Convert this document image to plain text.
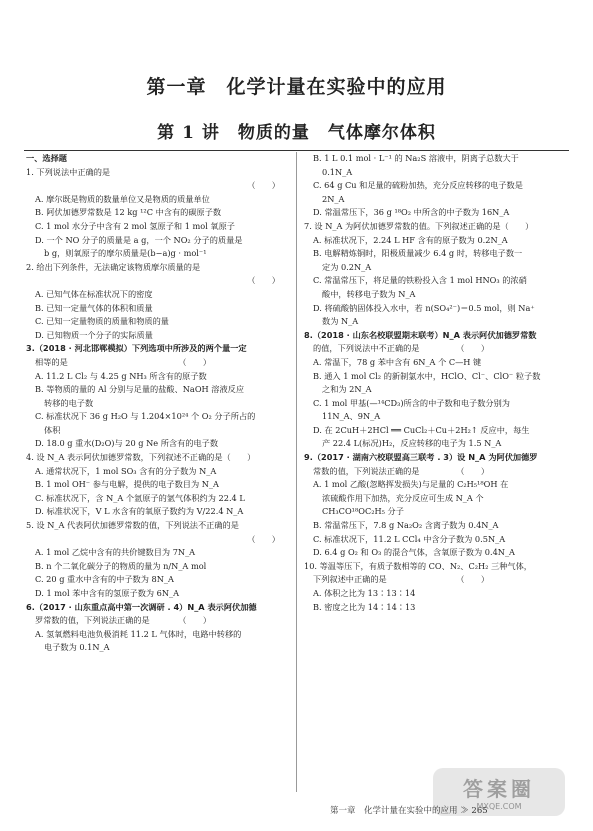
第一章　化学计量在实验中的应用
第 1 讲　物质的量　气体摩尔体积

一、选择题

1. 下列说法中正确的是

（　　）

A. 摩尔既是物质的数量单位又是物质的质量单位

B. 阿伏加德罗常数是 12 kg ¹²C 中含有的碳原子数

C. 1 mol 水分子中含有 2 mol 氢原子和 1 mol 氧原子

D. 一个 NO 分子的质量是 a g，一个 NO₂ 分子的质量是

b g，则氧原子的摩尔质量是(b−a)g · mol⁻¹

2. 给出下列条件，无法确定该物质摩尔质量的是

（　　）

A. 已知气体在标准状况下的密度

B. 已知一定量气体的体积和质量

C. 已知一定量物质的质量和物质的量

D. 已知物质一个分子的实际质量

3.（2018 · 河北邯郸模拟）下列选项中所涉及的两个量一定

相等的是　　　　　　　　　　　　　　（　　）

A. 11.2 L Cl₂ 与 4.25 g NH₃ 所含有的原子数

B. 等物质的量的 Al 分别与足量的盐酸、NaOH 溶液反应

转移的电子数

C. 标准状况下 36 g H₂O 与 1.204×10²⁴ 个 O₂ 分子所占的

体积

D. 18.0 g 重水(D₂O)与 20 g Ne 所含有的电子数

4. 设 N_A 表示阿伏加德罗常数，下列叙述不正确的是（　　）

A. 通常状况下，1 mol SO₃ 含有的分子数为 N_A

B. 1 mol OH⁻ 参与电解，提供的电子数目为 N_A

C. 标准状况下，含 N_A 个氩原子的氩气体积约为 22.4 L

D. 标准状况下，V L 水含有的氧原子数约为 V/22.4 N_A

5. 设 N_A 代表阿伏加德罗常数的值，下列说法不正确的是

（　　）

A. 1 mol 乙烷中含有的共价键数目为 7N_A

B. n 个二氧化碳分子的物质的量为 n/N_A mol

C. 20 g 重水中含有的中子数为 8N_A

D. 1 mol 苯中含有的氢原子数为 6N_A

6.（2017 · 山东重点高中第一次调研 . 4）N_A 表示阿伏加德

罗常数的值，下列说法正确的是　　　　（　　）

A. 氢氧燃料电池负极消耗 11.2 L 气体时，电路中转移的

电子数为 0.1N_A

B. 1 L 0.1 mol · L⁻¹ 的 Na₂S 溶液中，阴离子总数大于

0.1N_A

C. 64 g Cu 和足量的硫粉加热，充分反应转移的电子数是

2N_A

D. 常温常压下，36 g ¹⁸O₂ 中所含的中子数为 16N_A

7. 设 N_A 为阿伏加德罗常数的值。下列叙述正确的是（　　）

A. 标准状况下，2.24 L HF 含有的原子数为 0.2N_A

B. 电解精炼铜时，阳极质量减少 6.4 g 时，转移电子数一

定为 0.2N_A

C. 常温常压下，将足量的铁粉投入含 1 mol HNO₃ 的浓硝

酸中，转移电子数为 N_A

D. 将硫酸钠固体投入水中，若 n(SO₄²⁻)＝0.5 mol，则 Na⁺

数为 N_A

8.（2018 · 山东名校联盟期末联考）N_A 表示阿伏加德罗常数

的值，下列说法中不正确的是　　　　　（　　）

A. 常温下，78 g 苯中含有 6N_A 个 C—H 键

B. 通入 1 mol Cl₂ 的新制氯水中，HClO、Cl⁻、ClO⁻ 粒子数

之和为 2N_A

C. 1 mol 甲基(—¹⁴CD₃)所含的中子数和电子数分别为

11N_A、9N_A

D. 在 2CuH＋2HCl ══ CuCl₂＋Cu＋2H₂↑ 反应中，每生

产 22.4 L(标况)H₂，反应转移的电子为 1.5 N_A

9.（2017 · 湖南六校联盟高三联考 . 3）设 N_A 为阿伏加德罗

常数的值，下列说法正确的是　　　　　（　　）

A. 1 mol 乙酸(忽略挥发损失)与足量的 C₂H₅¹⁸OH 在

浓硫酸作用下加热，充分反应可生成 N_A 个

CH₃CO¹⁸OC₂H₅ 分子

B. 常温常压下，7.8 g Na₂O₂ 含离子数为 0.4N_A

C. 标准状况下，11.2 L CCl₄ 中含分子数为 0.5N_A

D. 6.4 g O₂ 和 O₃ 的混合气体，含氧原子数为 0.4N_A

10. 等温等压下，有质子数相等的 CO、N₂、C₂H₂ 三种气体，

下列叙述中正确的是　　　　　　　　　（　　）

A. 体积之比为 13∶13∶14

B. 密度之比为 14∶14∶13

答案圈
MXQE.COM
第一章　化学计量在实验中的应用 ≫ 265
